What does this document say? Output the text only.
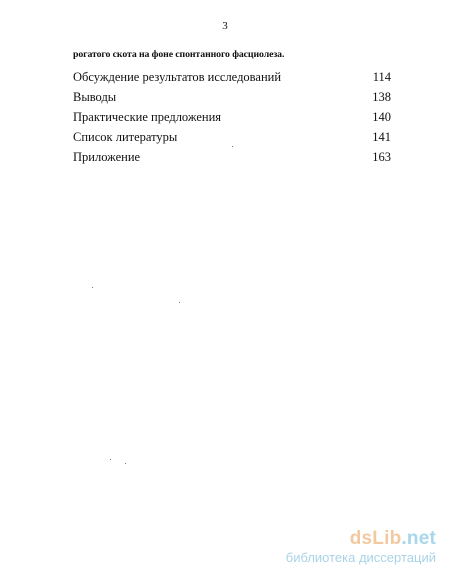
3
рогатого скота на фоне спонтанного фасциолеза.
Обсуждение результатов исследований	114
Выводы	138
Практические предложения	140
Список литературы	141
Приложение	163
dsLib.net
библиотека диссертаций
